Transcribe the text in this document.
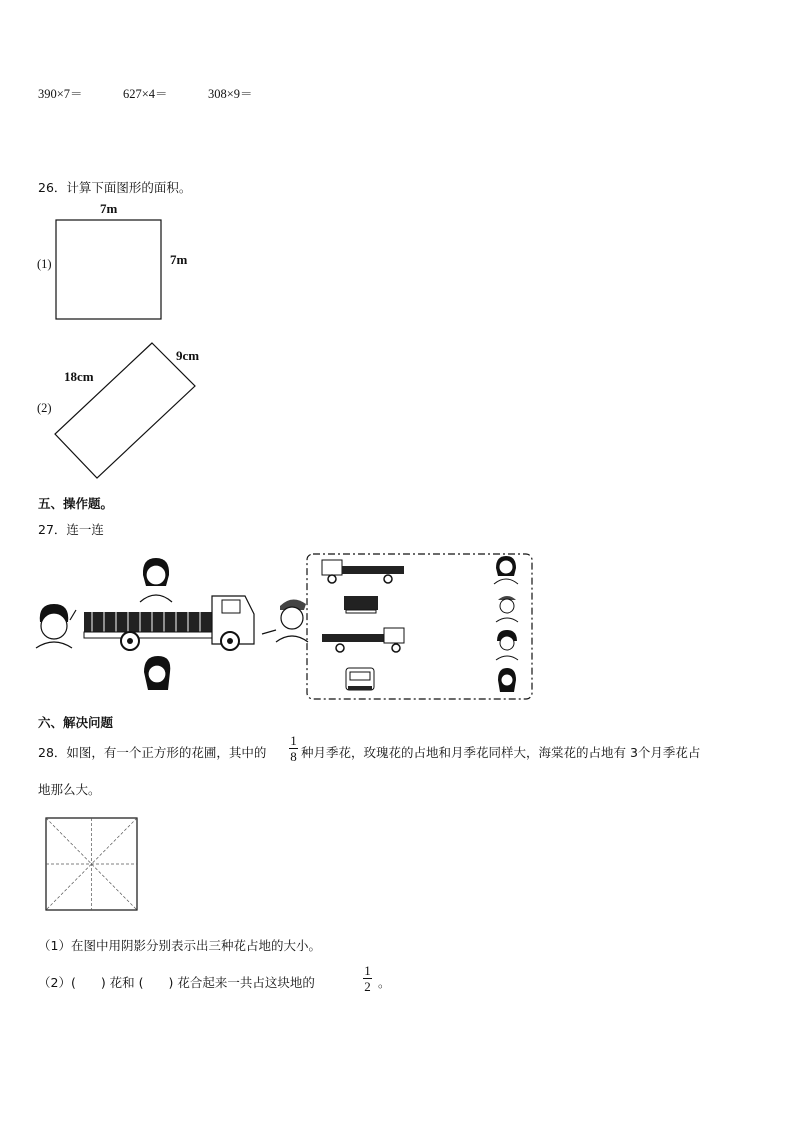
390×7＝	627×4＝	308×9＝
26．计算下面图形的面积。
7m
7m
(1)
18cm
9cm
(2)
五、操作题。
27．连一连
六、解决问题
28．如图，有一个正方形的花圃，其中的
1
8 种月季花，玫瑰花的占地和月季花同样大，海棠花的占地有 3个月季花占
地那么大。
（1）在图中用阴影分别表示出三种花占地的大小。
（2）(　　) 花和 (　　) 花合起来一共占这块地的
1
2 。
